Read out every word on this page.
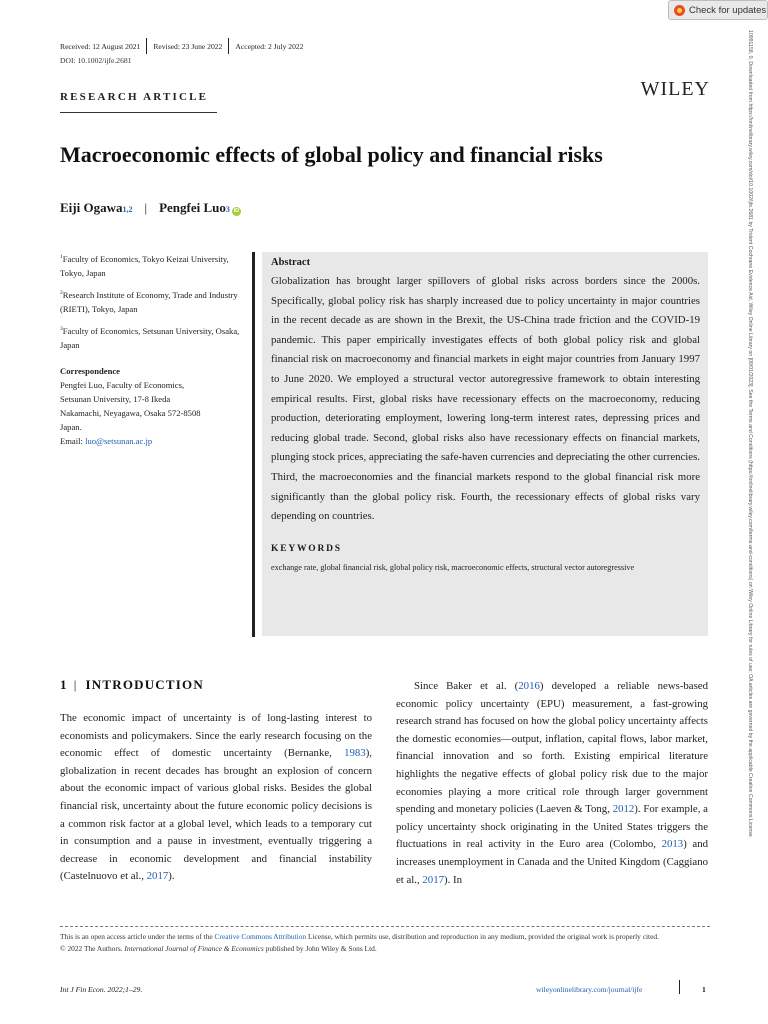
Check for updates
10991158, 0, Downloaded from https://onlinelibrary.wiley.com/doi/10.1002/ijfe.2681 by Trident Cochrane Evidence Aid, Wiley Online Library on [09/01/2023]. See the Terms and Conditions (https://onlinelibrary.wiley.com/terms-and-conditions) on Wiley Online Library for rules of use; OA articles are governed by the applicable Creative Commons License
Received: 12 August 2021 Revised: 23 June 2022 Accepted: 2 July 2022
DOI: 10.1002/ijfe.2681
RESEARCH ARTICLE	WILEY
Macroeconomic effects of global policy and financial risks
Eiji Ogawa 1,2 | Pengfei Luo 3 iD

$^1$Faculty of Economics, Tokyo Keizai University, Tokyo, Japan

$^2$Research Institute of Economy, Trade and Industry (RIETI), Tokyo, Japan

$^3$Faculty of Economics, Setsunan University, Osaka, Japan

Correspondence
Pengfei Luo, Faculty of Economics,
Setsunan University, 17-8 Ikeda
Nakamachi, Neyagawa, Osaka 572-8508
Japan.
Email: luo@setsunan.ac.jp
Abstract

Globalization has brought larger spillovers of global risks across borders since the 2000s. Specifically, global policy risk has sharply increased due to policy uncertainty in major countries in the recent decade as are shown in the Brexit, the US-China trade friction and the COVID-19 pandemic. This paper empirically investigates effects of both global policy risk and global financial risk on macroeconomy and financial markets in eight major countries from January 1997 to June 2020. We employed a structural vector autoregressive framework to obtain interesting empirical results. First, global risks have recessionary effects on the macroeconomy, reducing production, deteriorating employment, lowering long-term interest rates, depressing prices and reducing global trade. Second, global risks also have recessionary effects on financial markets, plunging stock prices, appreciating the safe-haven currencies and depreciating the other currencies. Third, the macroeconomies and the financial markets respond to the global financial risk more significantly than the global policy risk. Fourth, the recessionary effects of global risks vary depending on countries.

KEYWORDS
exchange rate, global financial risk, global policy risk, macroeconomic effects, structural vector autoregressive
1 | INTRODUCTION

The economic impact of uncertainty is of long-lasting interest to economists and policymakers. Since the early research focusing on the economic effect of domestic uncertainty (Bernanke, 1983), globalization in recent decades has brought an explosion of concern about the economic impact of various global risks. Besides the global financial risk, uncertainty about the future economic policy decisions is a common risk factor at a global level, which leads to a temporary cut in consumption and a pause in investment, eventually triggering a decrease in economic development and financial instability (Castelnuovo et al., 2017).

Since Baker et al. (2016) developed a reliable news-based economic policy uncertainty (EPU) measurement, a fast-growing research strand has focused on how the global policy uncertainty affects the domestic economies—output, inflation, capital flows, labor market, financial innovation and so forth. Existing empirical literature highlights the negative effects of global policy risk due to the major economies playing a more critical role through larger government spending and monetary policies (Laeven & Tong, 2012). For example, a policy uncertainty shock originating in the United States triggers the fluctuations in real activity in the Euro area (Colombo, 2013) and increases unemployment in Canada and the United Kingdom (Caggiano et al., 2017). In

This is an open access article under the terms of the Creative Commons Attribution License, which permits use, distribution and reproduction in any medium, provided the original work is properly cited.
© 2022 The Authors. International Journal of Finance & Economics published by John Wiley & Sons Ltd.
Int J Fin Econ. 2022;1–29.	wileyonlinelibrary.com/journal/ijfe	1
